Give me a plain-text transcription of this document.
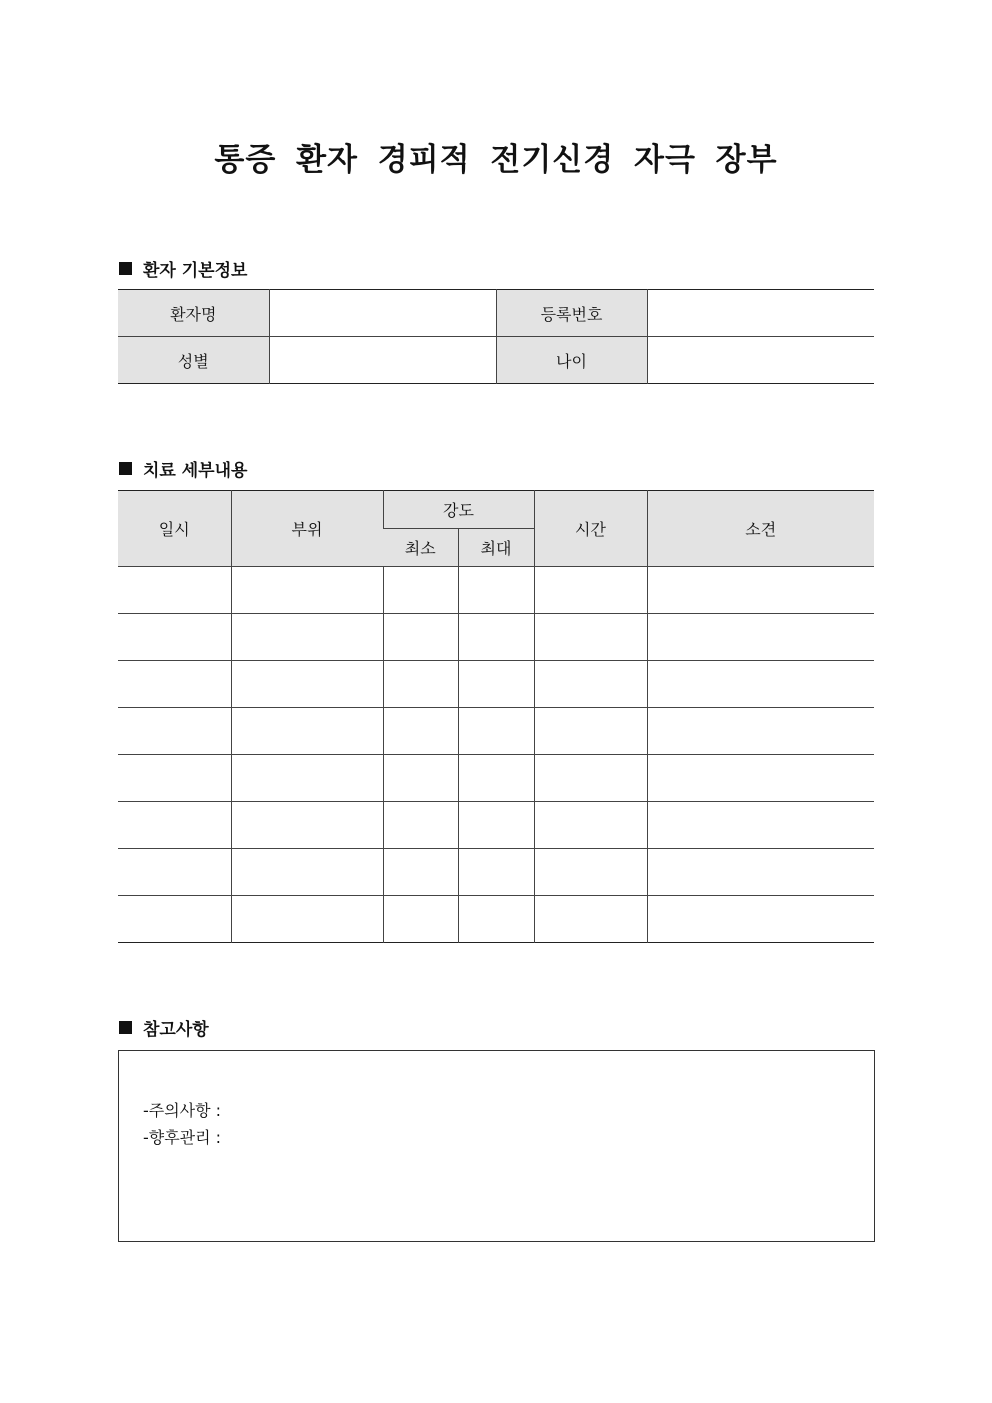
통증 환자 경피적 전기신경 자극 장부
환자 기본정보
환자명		등록번호	
성별		나이	
치료 세부내용
일시	부위	강도		시간	소견
		최소	최대		

참고사항
-주의사항 :
-향후관리 :
